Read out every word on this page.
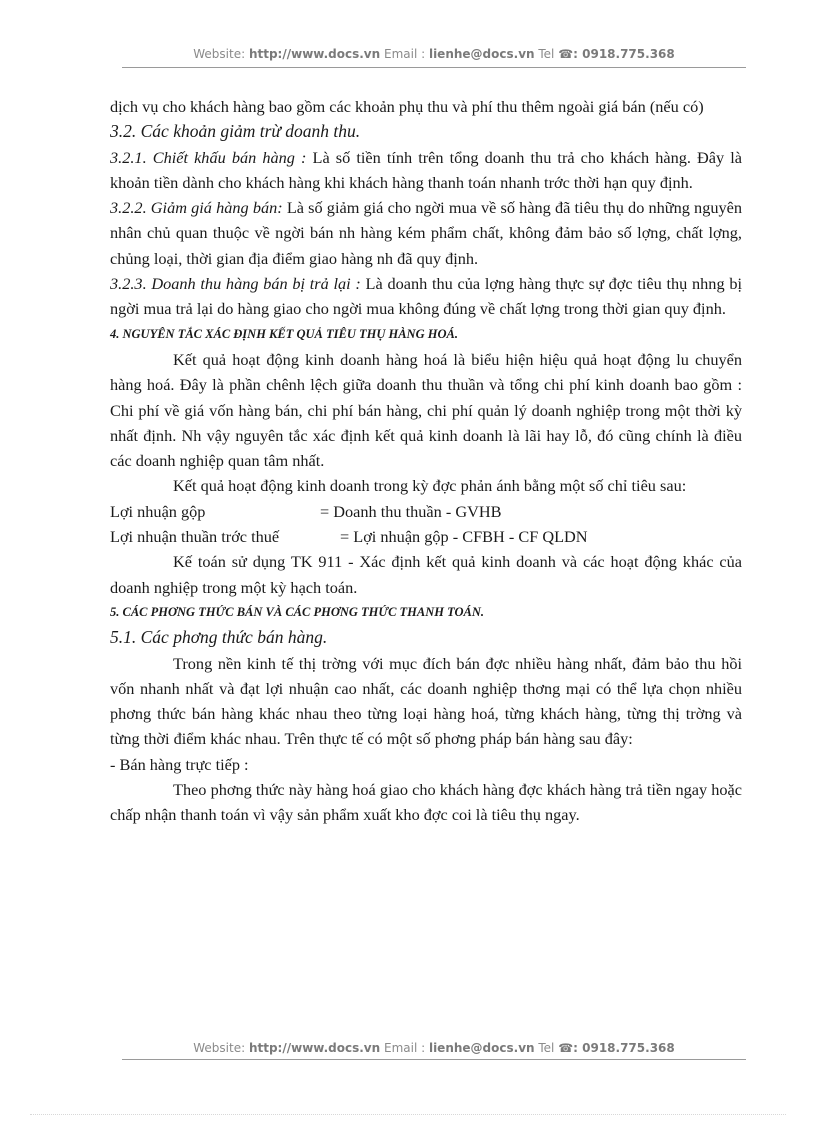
Website: http://www.docs.vn Email : lienhe@docs.vn Tel ☎: 0918.775.368

dịch vụ cho khách hàng bao gồm các khoản phụ thu và phí thu thêm ngoài giá bán (nếu có)

3.2. Các khoản giảm trừ doanh thu.

3.2.1. Chiết khấu bán hàng : Là số tiền tính trên tổng doanh thu trả cho khách hàng. Đây là khoản tiền dành cho khách hàng khi khách hàng thanh toán nhanh trớc thời hạn quy định.

3.2.2. Giảm giá hàng bán: Là số giảm giá cho ngời mua về số hàng đã tiêu thụ do những nguyên nhân chủ quan thuộc về ngời bán nh hàng kém phẩm chất, không đảm bảo số lợng, chất lợng, chủng loại, thời gian địa điểm giao hàng nh đã quy định.

3.2.3. Doanh thu hàng bán bị trả lại : Là doanh thu của lợng hàng thực sự đợc tiêu thụ nhng bị ngời mua trả lại do hàng giao cho ngời mua không đúng về chất lợng trong thời gian quy định.

4. NGUYÊN TẮC XÁC ĐỊNH KẾT QUẢ TIÊU THỤ HÀNG HOÁ.

Kết quả hoạt động kinh doanh hàng hoá là biểu hiện hiệu quả hoạt động lu chuyển hàng hoá. Đây là phần chênh lệch giữa doanh thu thuần và tổng chi phí kinh doanh bao gồm : Chi phí về giá vốn hàng bán, chi phí bán hàng, chi phí quản lý doanh nghiệp trong một thời kỳ nhất định. Nh vậy nguyên tắc xác định kết quả kinh doanh là lãi hay lỗ, đó cũng chính là điều các doanh nghiệp quan tâm nhất.

Kết quả hoạt động kinh doanh trong kỳ đợc phản ánh bằng một số chỉ tiêu sau:

Lợi nhuận gộp	= Doanh thu thuần - GVHB
Lợi nhuận thuần trớc thuế	= Lợi nhuận gộp - CFBH - CF QLDN

Kế toán sử dụng TK 911 - Xác định kết quả kinh doanh và các hoạt động khác của doanh nghiệp trong một kỳ hạch toán.

5. CÁC PHƠNG THỨC BÁN VÀ CÁC PHƠNG THỨC THANH TOÁN.

5.1. Các phơng thức bán hàng.

Trong nền kinh tế thị trờng với mục đích bán đợc nhiều hàng nhất, đảm bảo thu hồi vốn nhanh nhất và đạt lợi nhuận cao nhất, các doanh nghiệp thơng mại có thể lựa chọn nhiều phơng thức bán hàng khác nhau theo từng loại hàng hoá, từng khách hàng, từng thị trờng và từng thời điểm khác nhau. Trên thực tế có một số phơng pháp bán hàng sau đây:

- Bán hàng trực tiếp :

Theo phơng thức này hàng hoá giao cho khách hàng đợc khách hàng trả tiền ngay hoặc chấp nhận thanh toán vì vậy sản phẩm xuất kho đợc coi là tiêu thụ ngay.

Website: http://www.docs.vn Email : lienhe@docs.vn Tel ☎: 0918.775.368
